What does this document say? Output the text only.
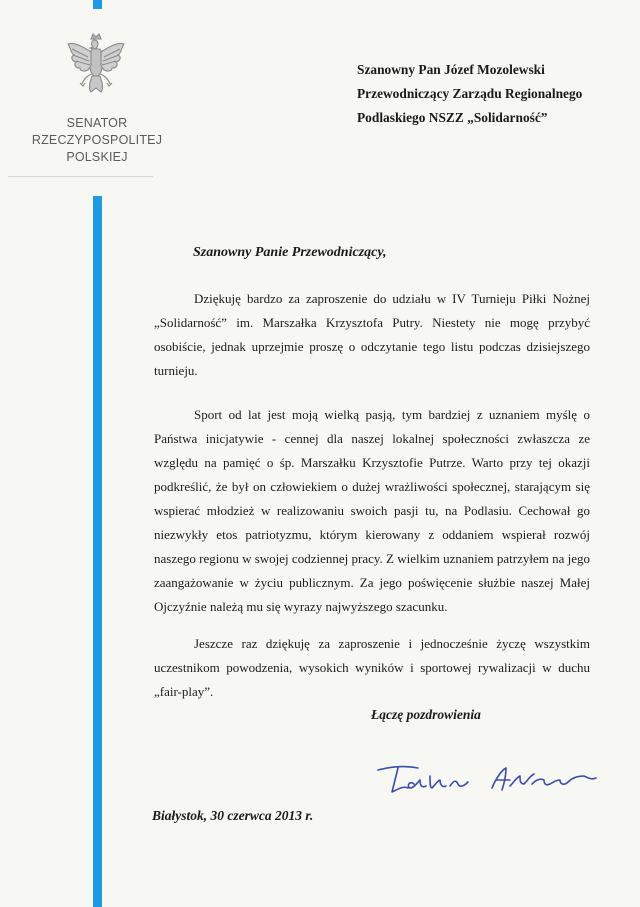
SENATOR
RZECZYPOSPOLITEJ POLSKIEJ
Szanowny Pan Józef Mozolewski
Przewodniczący Zarządu Regionalnego
Podlaskiego NSZZ „Solidarność”
Szanowny Panie Przewodniczący,
Dziękuję bardzo za zaproszenie do udziału w IV Turnieju Piłki Nożnej „Solidarność” im. Marszałka Krzysztofa Putry. Niestety nie mogę przybyć osobiście, jednak uprzejmie proszę o odczytanie tego listu podczas dzisiejszego turnieju.
Sport od lat jest moją wielką pasją, tym bardziej z uznaniem myślę o Państwa inicjatywie - cennej dla naszej lokalnej społeczności zwłaszcza ze względu na pamięć o śp. Marszałku Krzysztofie Putrze. Warto przy tej okazji podkreślić, że był on człowiekiem o dużej wrażliwości społecznej, starającym się wspierać młodzież w realizowaniu swoich pasji tu, na Podlasiu. Cechował go niezwykły etos patriotyzmu, którym kierowany z oddaniem wspierał rozwój naszego regionu w swojej codziennej pracy. Z wielkim uznaniem patrzyłem na jego zaangażowanie w życiu publicznym. Za jego poświęcenie służbie naszej Małej Ojczyźnie należą mu się wyrazy najwyższego szacunku.
Jeszcze raz dziękuję za zaproszenie i jednocześnie życzę wszystkim uczestnikom powodzenia, wysokich wyników i sportowej rywalizacji w duchu „fair-play”.
Łączę pozdrowienia
Białystok, 30 czerwca 2013 r.
